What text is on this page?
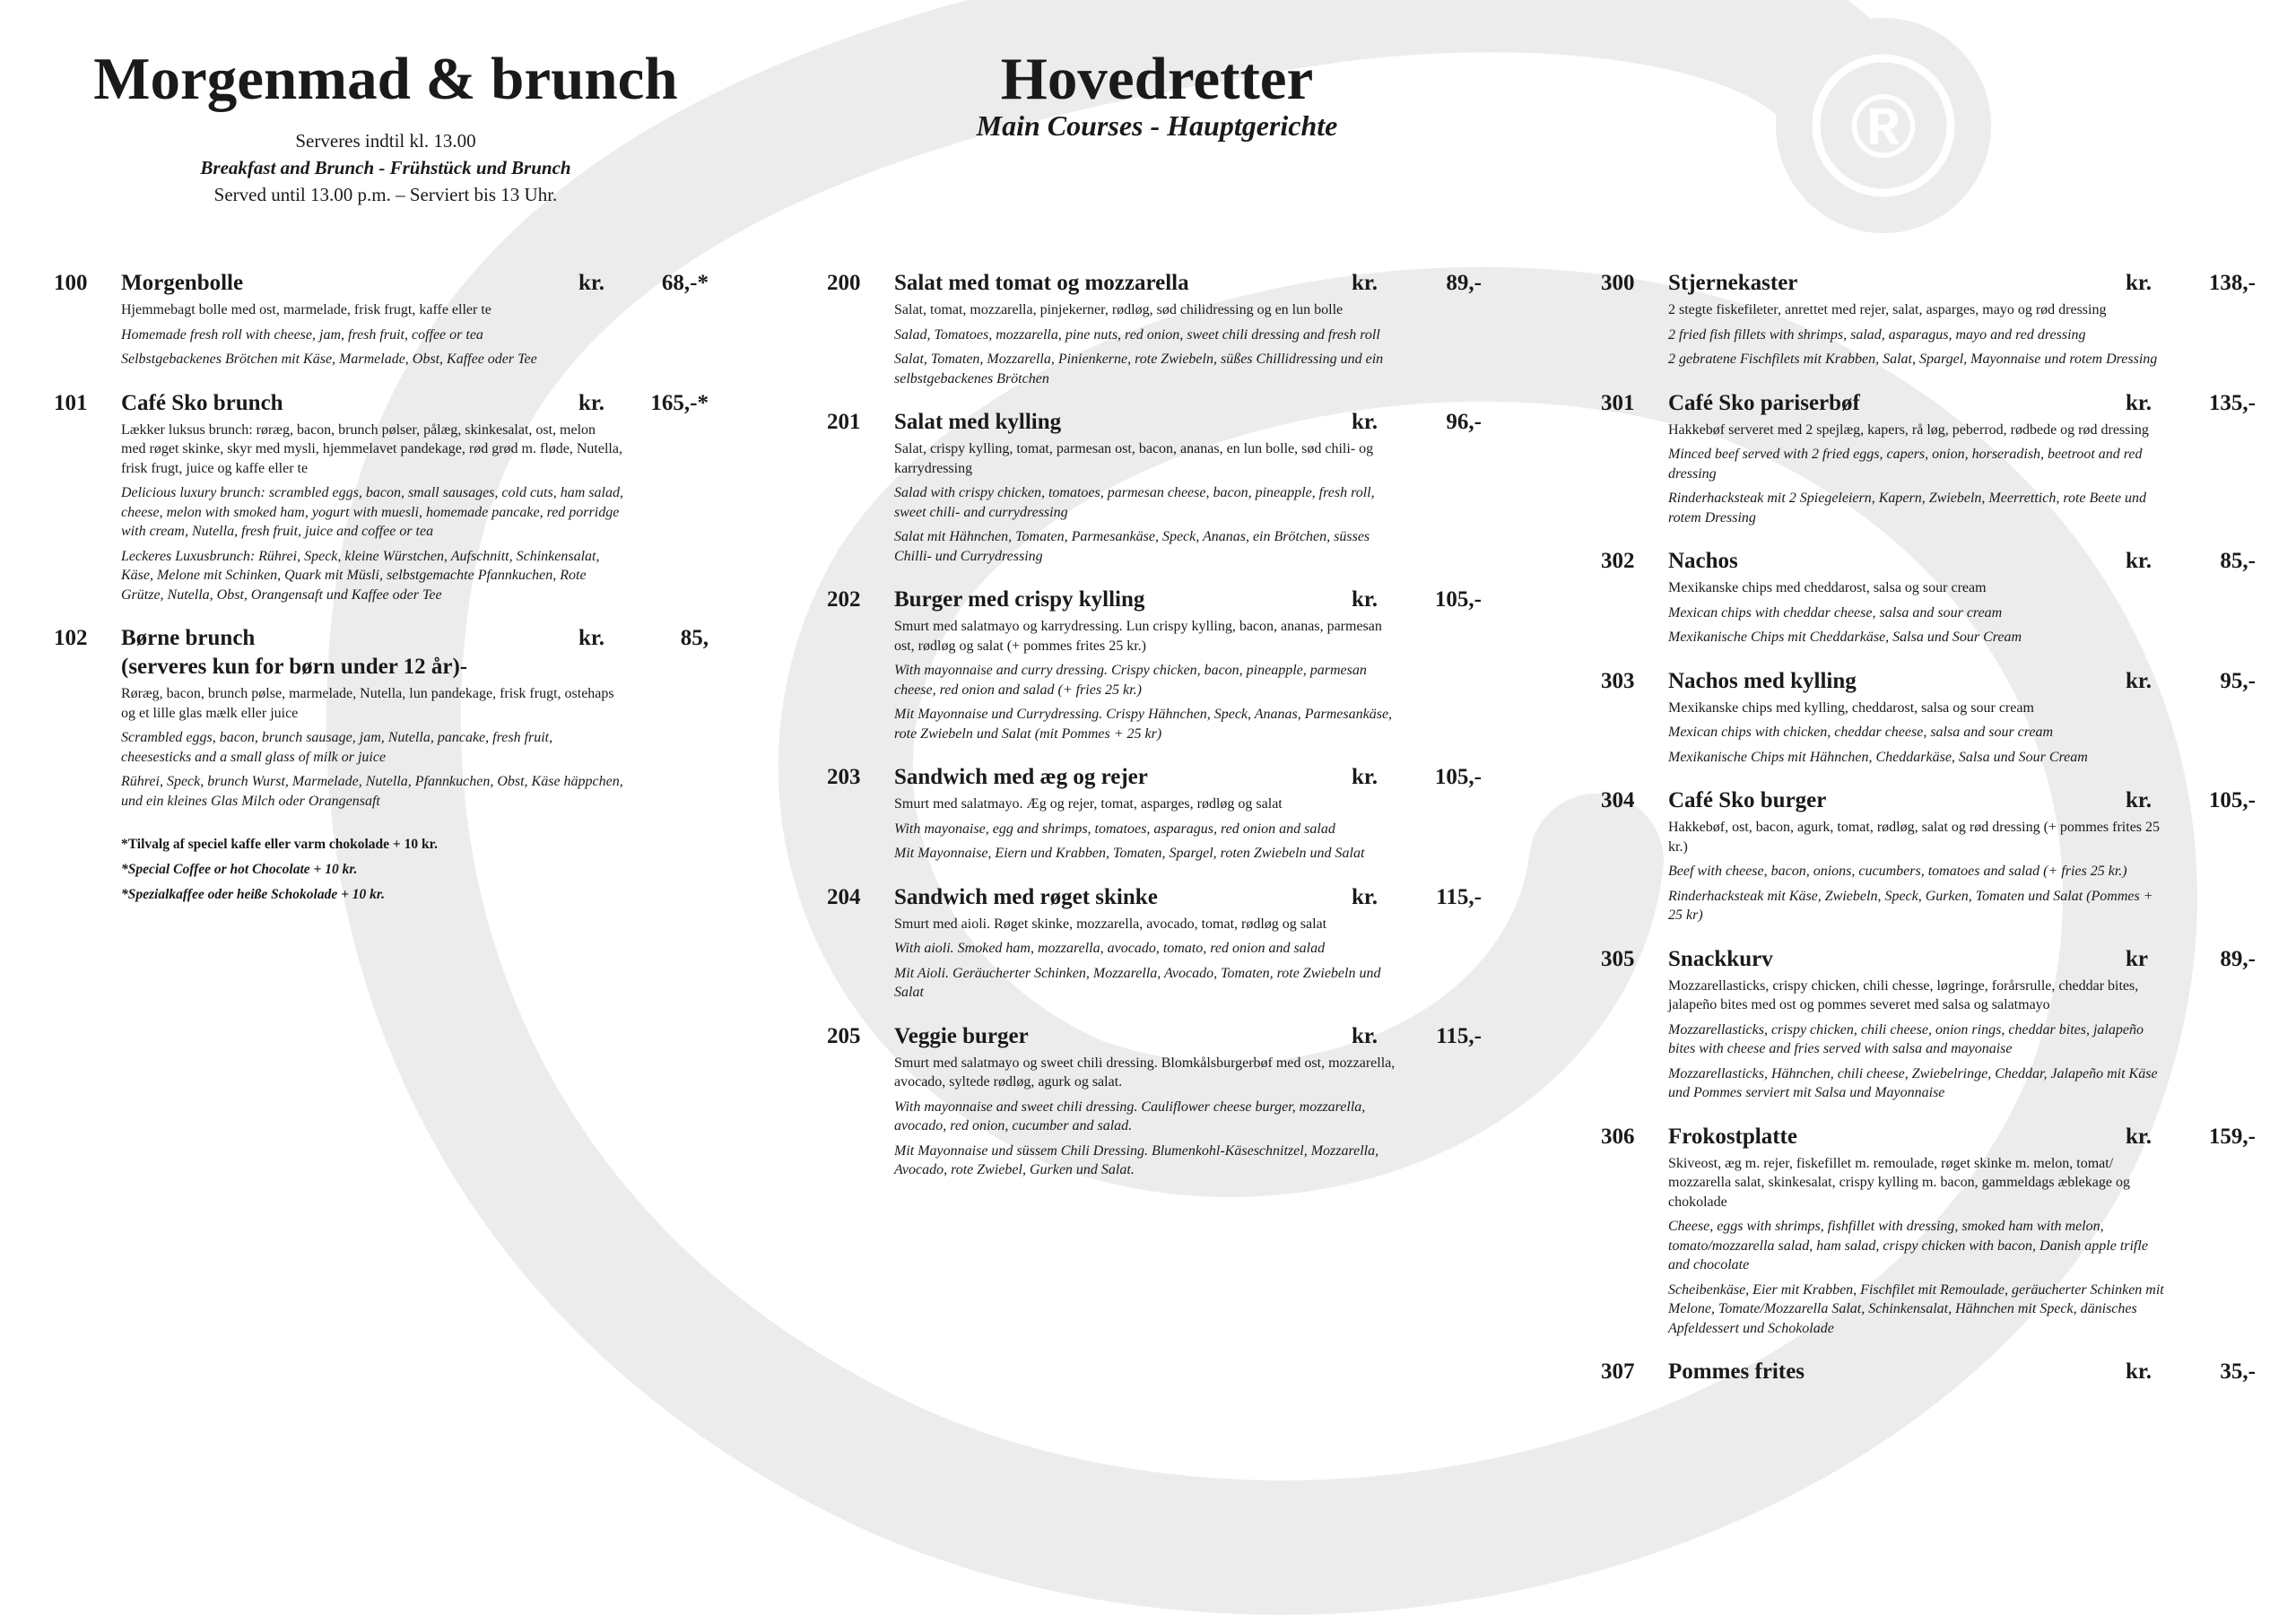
®
Morgenmad & brunch
Serveres indtil kl. 13.00
Breakfast and Brunch - Frühstück und Brunch
Served until 13.00 p.m. – Serviert bis 13 Uhr.
Hovedretter
Main Courses - Hauptgerichte
100	Morgenbolle	kr.	68,-*
Hjemmebagt bolle med ost, marmelade, frisk frugt, kaffe eller te
Homemade fresh roll with cheese, jam, fresh fruit, coffee or tea
Selbstgebackenes Brötchen mit Käse, Marmelade, Obst, Kaffee oder Tee
101	Café Sko brunch	kr.	165,-*
Lækker luksus brunch: røræg, bacon, brunch pølser, pålæg, skinkesalat, ost, melon med røget skinke, skyr med mysli, hjemmelavet pandekage, rød grød m. fløde, Nutella, frisk frugt, juice og kaffe eller te
Delicious luxury brunch: scrambled eggs, bacon, small sausages, cold cuts, ham salad, cheese, melon with smoked ham, yogurt with muesli, homemade pancake, red porridge with cream, Nutella, fresh fruit, juice and coffee or tea
Leckeres Luxusbrunch: Rührei, Speck, kleine Würstchen, Aufschnitt, Schinkensalat, Käse, Melone mit Schinken, Quark mit Müsli, selbstgemachte Pfannkuchen, Rote Grütze, Nutella, Obst, Orangensaft und Kaffee oder Tee
102	Børne brunch	kr.	85,
(serveres kun for børn under 12 år)-
Røræg, bacon, brunch pølse, marmelade, Nutella, lun pandekage, frisk frugt, ostehaps og et lille glas mælk eller juice
Scrambled eggs, bacon, brunch sausage, jam, Nutella, pancake, fresh fruit, cheesesticks and a small glass of milk or juice
Rührei, Speck, brunch Wurst, Marmelade, Nutella, Pfannkuchen, Obst, Käse häppchen, und ein kleines Glas Milch oder Orangensaft
*Tilvalg af speciel kaffe eller varm chokolade + 10 kr.
*Special Coffee or hot Chocolate + 10 kr.
*Spezialkaffee oder heiße Schokolade + 10 kr.
200	Salat med tomat og mozzarella	kr.	89,-
Salat, tomat, mozzarella, pinjekerner, rødløg, sød chilidressing og en lun bolle
Salad, Tomatoes, mozzarella, pine nuts, red onion, sweet chili dressing and fresh roll
Salat, Tomaten, Mozzarella, Pinienkerne, rote Zwiebeln, süßes Chillidressing und ein selbstgebackenes Brötchen
201	Salat med kylling	kr.	96,-
Salat, crispy kylling, tomat, parmesan ost, bacon, ananas, en lun bolle, sød chili- og karrydressing
Salad with crispy chicken, tomatoes, parmesan cheese, bacon, pineapple, fresh roll, sweet chili- and currydressing
Salat mit Hähnchen, Tomaten, Parmesankäse, Speck, Ananas, ein Brötchen, süsses Chilli- und Currydressing
202	Burger med crispy kylling	kr.	105,-
Smurt med salatmayo og karrydressing. Lun crispy kylling, bacon, ananas, parmesan ost, rødløg og salat (+ pommes frites 25 kr.)
With mayonnaise and curry dressing. Crispy chicken, bacon, pineapple, parmesan cheese, red onion and salad (+ fries 25 kr.)
Mit Mayonnaise und Currydressing. Crispy Hähnchen, Speck, Ananas, Parmesankäse, rote Zwiebeln und Salat (mit Pommes + 25 kr)
203	Sandwich med æg og rejer	kr.	105,-
Smurt med salatmayo. Æg og rejer, tomat, asparges, rødløg og salat
With mayonaise, egg and shrimps, tomatoes, asparagus, red onion and salad
Mit Mayonnaise, Eiern und Krabben, Tomaten, Spargel, roten Zwiebeln und Salat
204	Sandwich med røget skinke	kr.	115,-
Smurt med aioli. Røget skinke, mozzarella, avocado, tomat, rødløg og salat
With aioli. Smoked ham, mozzarella, avocado, tomato, red onion and salad
Mit Aioli. Geräucherter Schinken, Mozzarella, Avocado, Tomaten, rote Zwiebeln und Salat
205	Veggie burger	kr.	115,-
Smurt med salatmayo og sweet chili dressing. Blomkålsburgerbøf med ost, mozzarella, avocado, syltede rødløg, agurk og salat.
With mayonnaise and sweet chili dressing. Cauliflower cheese burger, mozzarella, avocado, red onion, cucumber and salad.
Mit Mayonnaise und süssem Chili Dressing. Blumenkohl-Käseschnitzel, Mozzarella, Avocado, rote Zwiebel, Gurken und Salat.
300	Stjernekaster	kr.	138,-
2 stegte fiskefileter, anrettet med rejer, salat, asparges, mayo og rød dressing
2 fried fish fillets with shrimps, salad, asparagus, mayo and red dressing
2 gebratene Fischfilets mit Krabben, Salat, Spargel, Mayonnaise und rotem Dressing
301	Café Sko pariserbøf	kr.	135,-
Hakkebøf serveret med 2 spejlæg, kapers, rå løg, peberrod, rødbede og rød dressing
Minced beef served with 2 fried eggs, capers, onion, horseradish, beetroot and red dressing
Rinderhacksteak mit 2 Spiegeleiern, Kapern, Zwiebeln, Meerrettich, rote Beete und rotem Dressing
302	Nachos	kr.	85,-
Mexikanske chips med cheddarost, salsa og sour cream
Mexican chips with cheddar cheese, salsa and sour cream
Mexikanische Chips mit Cheddarkäse, Salsa und Sour Cream
303	Nachos med kylling	kr.	95,-
Mexikanske chips med kylling, cheddarost, salsa og sour cream
Mexican chips with chicken, cheddar cheese, salsa and sour cream
Mexikanische Chips mit Hähnchen, Cheddarkäse, Salsa und Sour Cream
304	Café Sko burger	kr.	105,-
Hakkebøf, ost, bacon, agurk, tomat, rødløg, salat og rød dressing (+ pommes frites 25 kr.)
Beef with cheese, bacon, onions, cucumbers, tomatoes and salad (+ fries 25 kr.)
Rinderhacksteak mit Käse, Zwiebeln, Speck, Gurken, Tomaten und Salat (Pommes + 25 kr)
305	Snackkurv	kr	89,-
Mozzarellasticks, crispy chicken, chili chesse, løgringe, forårsrulle, cheddar bites, jalapeño bites med ost og pommes severet med salsa og salatmayo
Mozzarellasticks, crispy chicken, chili cheese, onion rings, cheddar bites, jalapeño bites with cheese and fries served with salsa and mayonaise
Mozzarellasticks, Hähnchen, chili cheese, Zwiebelringe, Cheddar, Jalapeño mit Käse und Pommes serviert mit Salsa und Mayonnaise
306	Frokostplatte	kr.	159,-
Skiveost, æg m. rejer, fiskefillet m. remoulade, røget skinke m. melon, tomat/ mozzarella salat, skinkesalat, crispy kylling m. bacon, gammeldags æblekage og chokolade
Cheese, eggs with shrimps, fishfillet with dressing, smoked ham with melon, tomato/mozzarella salad, ham salad, crispy chicken with bacon, Danish apple trifle and chocolate
Scheibenkäse, Eier mit Krabben, Fischfilet mit Remoulade, geräucherter Schinken mit Melone, Tomate/Mozzarella Salat, Schinkensalat, Hähnchen mit Speck, dänisches Apfeldessert und Schokolade
307	Pommes frites	kr.	35,-
